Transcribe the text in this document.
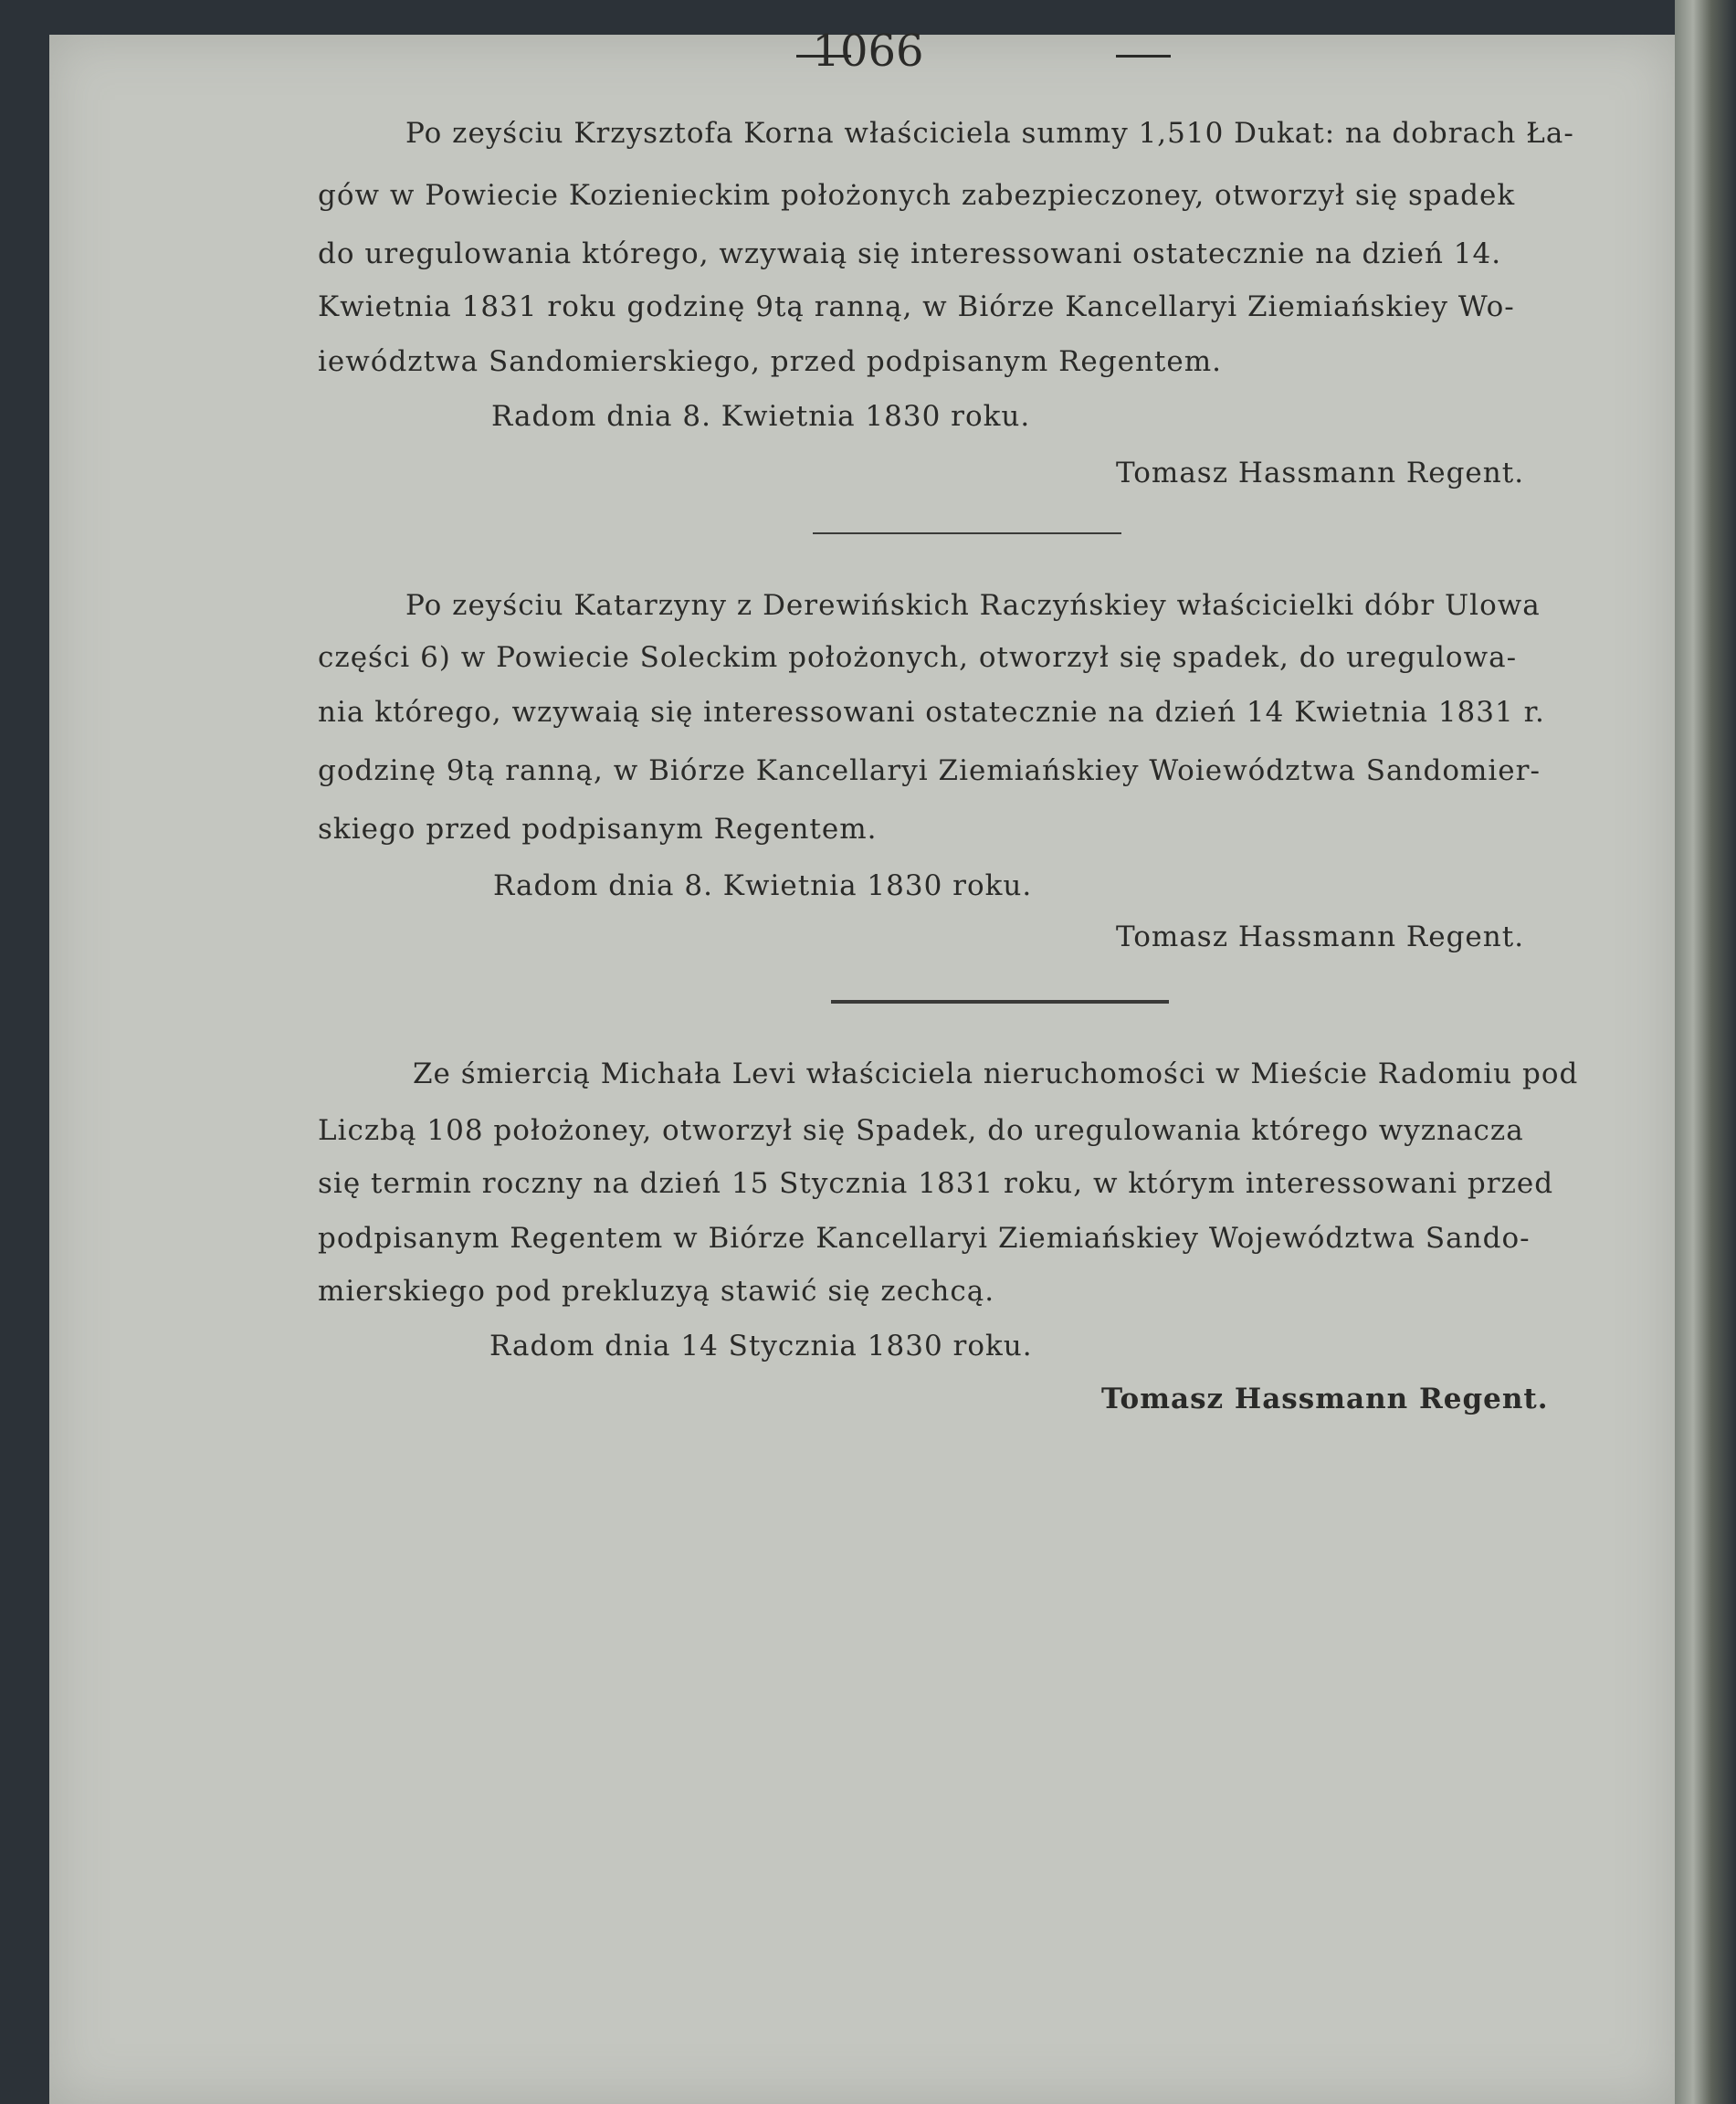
1066
Po zeyściu Krzysztofa Korna właściciela summy 1,510 Dukat: na dobrach Ła-
gów w Powiecie Kozienieckim położonych zabezpieczoney, otworzył się spadek
do uregulowania którego, wzywaią się interessowani ostatecznie na dzień 14.
Kwietnia 1831 roku godzinę 9tą ranną, w Biórze Kancellaryi Ziemiańskiey Wo-
iewództwa Sandomierskiego, przed podpisanym Regentem.
Radom dnia 8. Kwietnia 1830 roku.
Tomasz Hassmann Regent.
Po zeyściu Katarzyny z Derewińskich Raczyńskiey właścicielki dóbr Ulowa
części 6) w Powiecie Soleckim położonych, otworzył się spadek, do uregulowa-
nia którego, wzywaią się interessowani ostatecznie na dzień 14 Kwietnia 1831 r.
godzinę 9tą ranną, w Biórze Kancellaryi Ziemiańskiey Woiewództwa Sandomier-
skiego przed podpisanym Regentem.
Radom dnia 8. Kwietnia 1830 roku.
Tomasz Hassmann Regent.
Ze śmiercią Michała Levi właściciela nieruchomości w Mieście Radomiu pod
Liczbą 108 położoney, otworzył się Spadek, do uregulowania którego wyznacza
się termin roczny na dzień 15 Stycznia 1831 roku, w którym interessowani przed
podpisanym Regentem w Biórze Kancellaryi Ziemiańskiey Województwa Sando-
mierskiego pod prekluzyą stawić się zechcą.
Radom dnia 14 Stycznia 1830 roku.
Tomasz Hassmann Regent.
